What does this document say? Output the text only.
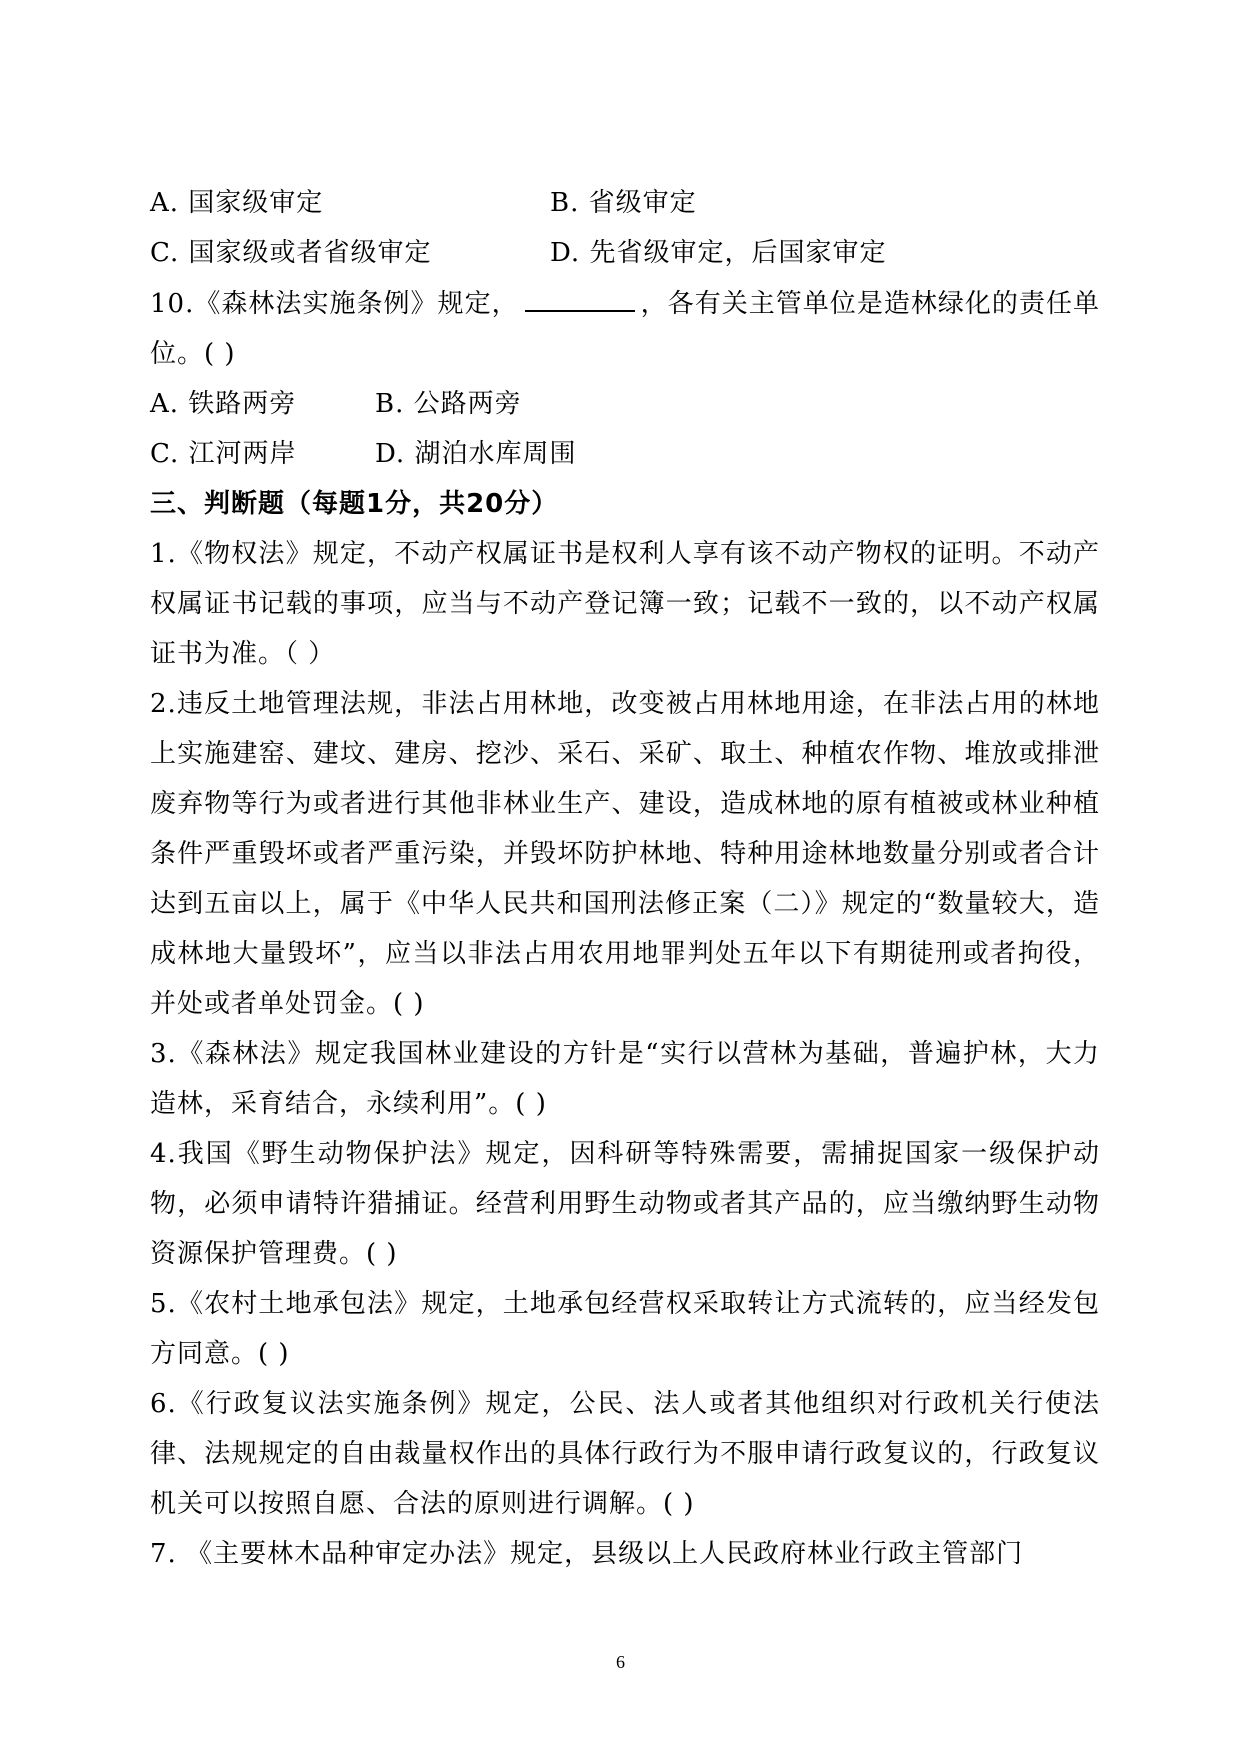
A. 国家级审定	B. 省级审定
C. 国家级或者省级审定	D. 先省级审定，后国家审定
10.《森林法实施条例》规定，	，各有关主管单位是造林绿化的责任单位。( )
A. 铁路两旁	B. 公路两旁
C. 江河两岸	D. 湖泊水库周围
三、判断题（每题1分，共20分）
1.《物权法》规定，不动产权属证书是权利人享有该不动产物权的证明。不动产权属证书记载的事项，应当与不动产登记簿一致；记载不一致的，以不动产权属证书为准。（ ）
2.违反土地管理法规，非法占用林地，改变被占用林地用途，在非法占用的林地上实施建窑、建坟、建房、挖沙、采石、采矿、取土、种植农作物、堆放或排泄废弃物等行为或者进行其他非林业生产、建设，造成林地的原有植被或林业种植条件严重毁坏或者严重污染，并毁坏防护林地、特种用途林地数量分别或者合计达到五亩以上，属于《中华人民共和国刑法修正案（二）》规定的“数量较大，造成林地大量毁坏”，应当以非法占用农用地罪判处五年以下有期徒刑或者拘役，并处或者单处罚金。( )
3.《森林法》规定我国林业建设的方针是“实行以营林为基础，普遍护林，大力造林，采育结合，永续利用”。( )
4.我国《野生动物保护法》规定，因科研等特殊需要，需捕捉国家一级保护动物，必须申请特许猎捕证。经营利用野生动物或者其产品的，应当缴纳野生动物资源保护管理费。( )
5.《农村土地承包法》规定，土地承包经营权采取转让方式流转的，应当经发包方同意。( )
6.《行政复议法实施条例》规定，公民、法人或者其他组织对行政机关行使法律、法规规定的自由裁量权作出的具体行政行为不服申请行政复议的，行政复议机关可以按照自愿、合法的原则进行调解。( )
7. 《主要林木品种审定办法》规定，县级以上人民政府林业行政主管部门
6
